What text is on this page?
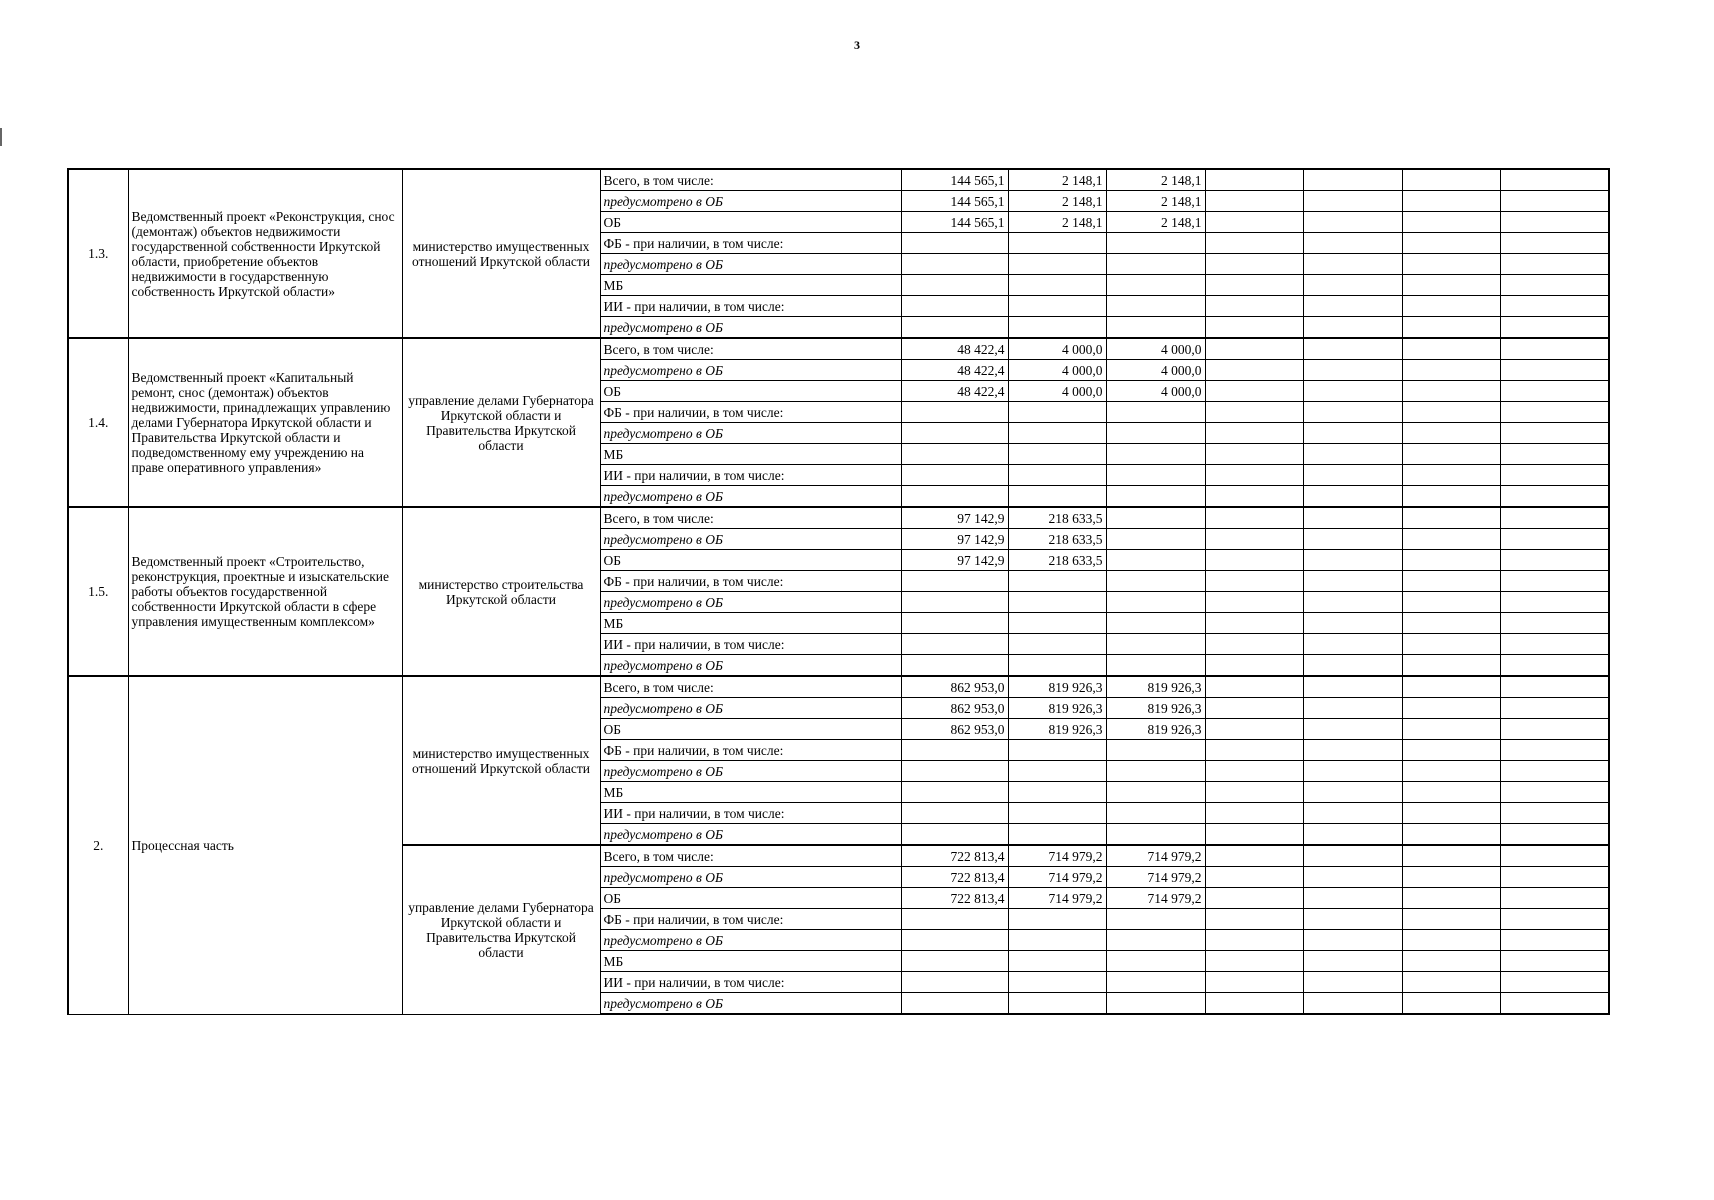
3
1.3.	Ведомственный проект «Реконструкция, снос (демонтаж) объектов недвижимости государственной собственности Иркутской области, приобретение объектов недвижимости в государственную собственность Иркутской области»	министерство имущественных отношений Иркутской области	Всего, в том числе:	144 565,1	2 148,1	2 148,1				
			предусмотрено в ОБ	144 565,1	2 148,1	2 148,1				
			ОБ	144 565,1	2 148,1	2 148,1				
			ФБ - при наличии, в том числе:							
			предусмотрено в ОБ							
			МБ							
			ИИ - при наличии, в том числе:							
			предусмотрено в ОБ							
1.4.	Ведомственный проект «Капитальный ремонт, снос (демонтаж) объектов недвижимости, принадлежащих управлению делами Губернатора Иркутской области и Правительства Иркутской области и подведомственному ему учреждению на праве оперативного управления»	управление делами Губернатора Иркутской области и Правительства Иркутской области	Всего, в том числе:	48 422,4	4 000,0	4 000,0				
			предусмотрено в ОБ	48 422,4	4 000,0	4 000,0				
			ОБ	48 422,4	4 000,0	4 000,0				
			ФБ - при наличии, в том числе:							
			предусмотрено в ОБ							
			МБ							
			ИИ - при наличии, в том числе:							
			предусмотрено в ОБ							
1.5.	Ведомственный проект «Строительство, реконструкция, проектные и изыскательские работы объектов государственной собственности Иркутской области в сфере управления имущественным комплексом»	министерство строительства Иркутской области	Всего, в том числе:	97 142,9	218 633,5					
			предусмотрено в ОБ	97 142,9	218 633,5					
			ОБ	97 142,9	218 633,5					
			ФБ - при наличии, в том числе:							
			предусмотрено в ОБ							
			МБ							
			ИИ - при наличии, в том числе:							
			предусмотрено в ОБ							
2.	Процессная часть	министерство имущественных отношений Иркутской области	Всего, в том числе:	862 953,0	819 926,3	819 926,3				
			предусмотрено в ОБ	862 953,0	819 926,3	819 926,3				
			ОБ	862 953,0	819 926,3	819 926,3				
			ФБ - при наличии, в том числе:							
			предусмотрено в ОБ							
			МБ							
			ИИ - при наличии, в том числе:							
			предусмотрено в ОБ							
		управление делами Губернатора Иркутской области и Правительства Иркутской области	Всего, в том числе:	722 813,4	714 979,2	714 979,2				
			предусмотрено в ОБ	722 813,4	714 979,2	714 979,2				
			ОБ	722 813,4	714 979,2	714 979,2				
			ФБ - при наличии, в том числе:							
			предусмотрено в ОБ							
			МБ							
			ИИ - при наличии, в том числе:							
			предусмотрено в ОБ							
